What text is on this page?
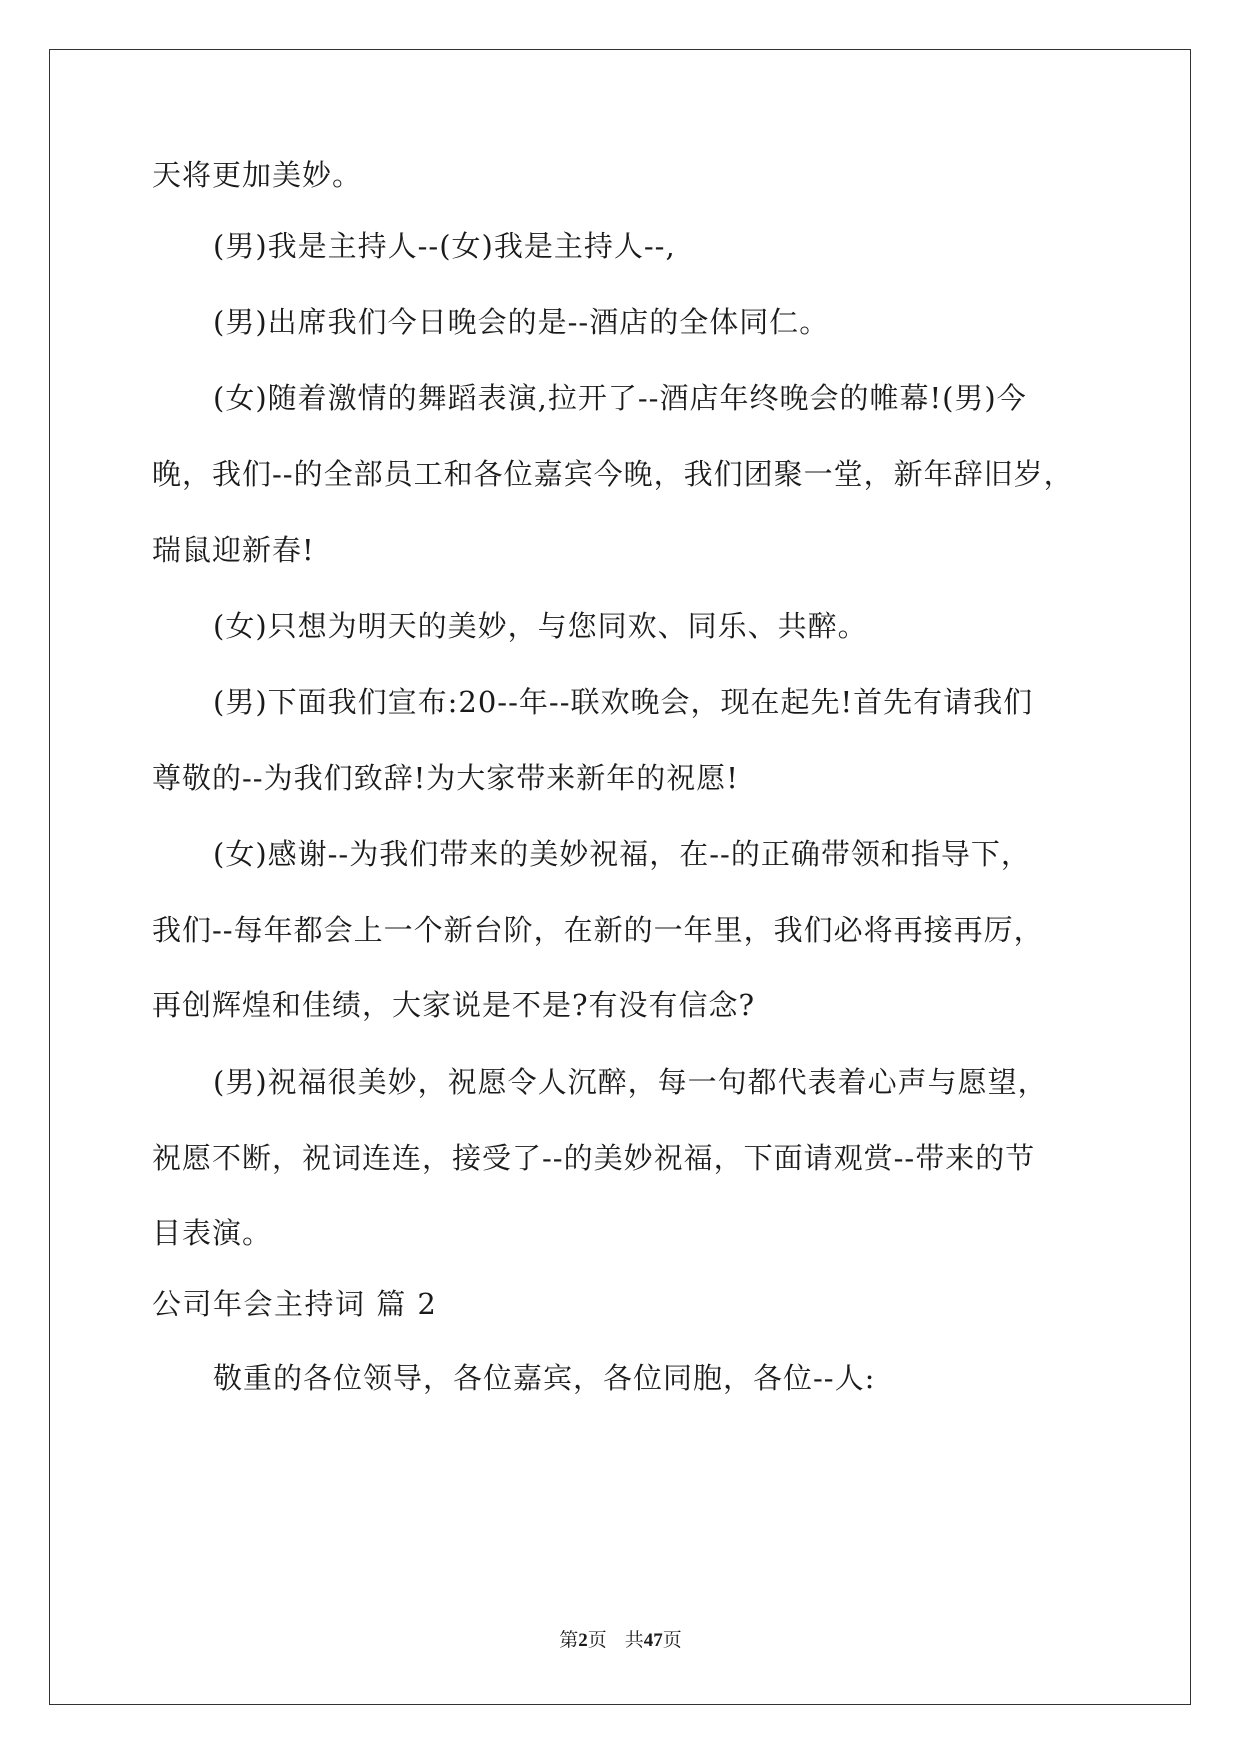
天将更加美妙。
(男)我是主持人--(女)我是主持人--,
(男)出席我们今日晚会的是--酒店的全体同仁。
(女)随着激情的舞蹈表演,拉开了--酒店年终晚会的帷幕!(男)今
晚，我们--的全部员工和各位嘉宾今晚，我们团聚一堂，新年辞旧岁，
瑞鼠迎新春!
(女)只想为明天的美妙，与您同欢、同乐、共醉。
(男)下面我们宣布:20--年--联欢晚会，现在起先!首先有请我们
尊敬的--为我们致辞!为大家带来新年的祝愿!
(女)感谢--为我们带来的美妙祝福，在--的正确带领和指导下，
我们--每年都会上一个新台阶，在新的一年里，我们必将再接再厉，
再创辉煌和佳绩，大家说是不是?有没有信念?
(男)祝福很美妙，祝愿令人沉醉，每一句都代表着心声与愿望，
祝愿不断，祝词连连，接受了--的美妙祝福，下面请观赏--带来的节
目表演。
公司年会主持词 篇 2
敬重的各位领导，各位嘉宾，各位同胞，各位--人:
第2页 共47页
